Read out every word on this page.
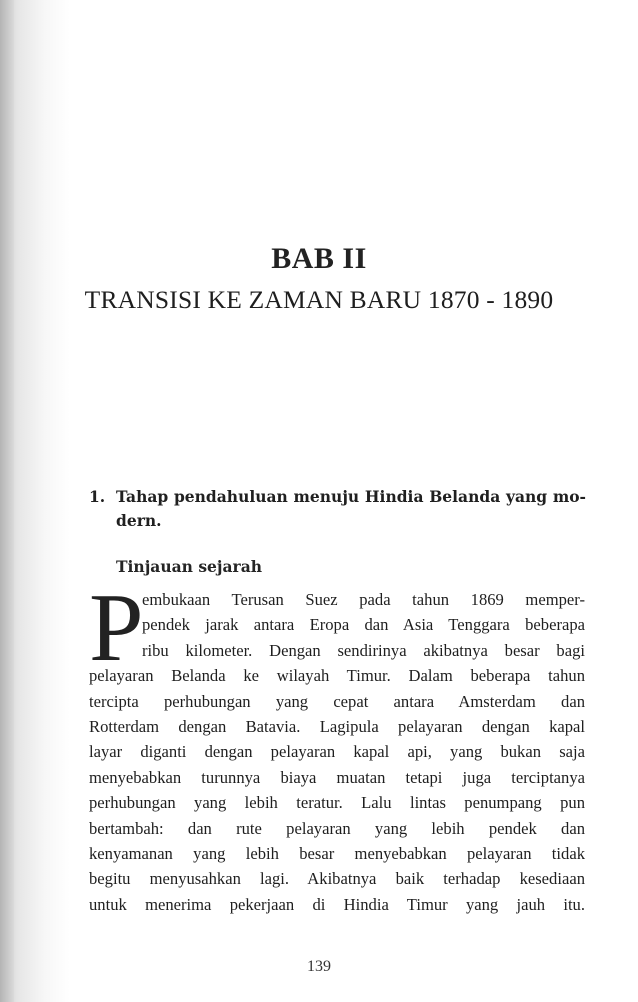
BAB II
TRANSISI KE ZAMAN BARU 1870 - 1890
1. Tahap pendahuluan menuju Hindia Belanda yang mo-dern.
Tinjauan sejarah
P
embukaan Terusan Suez pada tahun 1869 memper-
pendek jarak antara Eropa dan Asia Tenggara beberapa
ribu kilometer. Dengan sendirinya akibatnya besar bagi
pelayaran Belanda ke wilayah Timur. Dalam beberapa tahun
tercipta perhubungan yang cepat antara Amsterdam dan
Rotterdam dengan Batavia. Lagipula pelayaran dengan kapal
layar diganti dengan pelayaran kapal api, yang bukan saja
menyebabkan turunnya biaya muatan tetapi juga terciptanya
perhubungan yang lebih teratur. Lalu lintas penumpang pun
bertambah: dan rute pelayaran yang lebih pendek dan
kenyamanan yang lebih besar menyebabkan pelayaran tidak
begitu menyusahkan lagi. Akibatnya baik terhadap kesediaan
untuk menerima pekerjaan di Hindia Timur yang jauh itu.
139
